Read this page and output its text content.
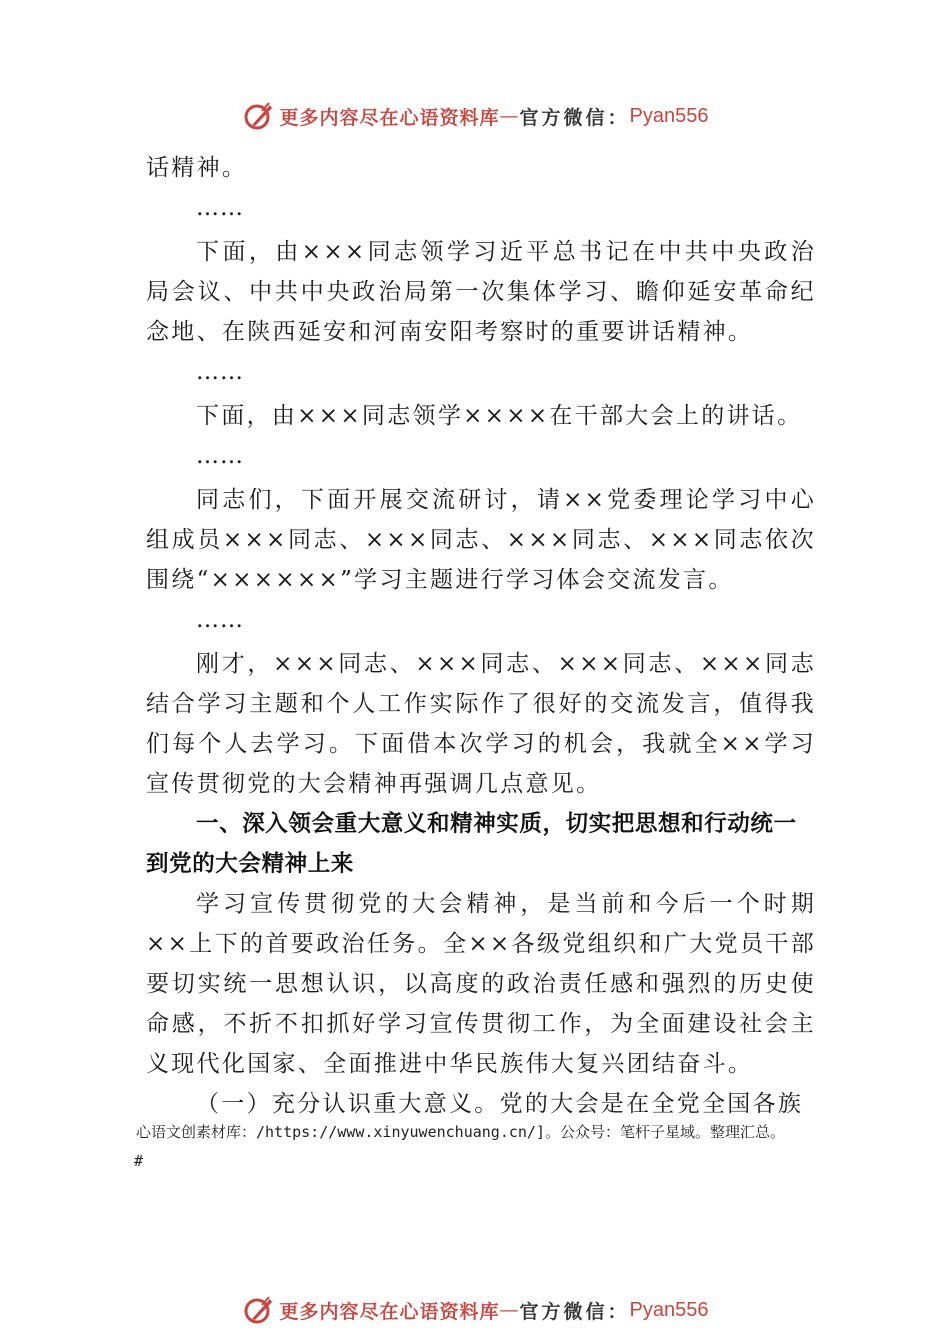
更多内容尽在心语资料库 — 官方微信： Pyan556

话精神。

……

下面，由×××同志领学习近平总书记在中共中央政治局会议、中共中央政治局第一次集体学习、瞻仰延安革命纪念地、在陕西延安和河南安阳考察时的重要讲话精神。

……

下面，由×××同志领学××××在干部大会上的讲话。

……

同志们，下面开展交流研讨，请××党委理论学习中心组成员×××同志、×××同志、×××同志、×××同志依次围绕“××××××”学习主题进行学习体会交流发言。

……

刚才，×××同志、×××同志、×××同志、×××同志结合学习主题和个人工作实际作了很好的交流发言，值得我们每个人去学习。下面借本次学习的机会，我就全××学习宣传贯彻党的大会精神再强调几点意见。

一、深入领会重大意义和精神实质，切实把思想和行动统一到党的大会精神上来

学习宣传贯彻党的大会精神，是当前和今后一个时期××上下的首要政治任务。全××各级党组织和广大党员干部要切实统一思想认识，以高度的政治责任感和强烈的历史使命感，不折不扣抓好学习宣传贯彻工作，为全面建设社会主义现代化国家、全面推进中华民族伟大复兴团结奋斗。

（一）充分认识重大意义。党的大会是在全党全国各族

心语文创素材库：/https://www.xinyuwenchuang.cn/]。公众号：笔杆子星域。整理汇总。
#
更多内容尽在心语资料库 — 官方微信： Pyan556
